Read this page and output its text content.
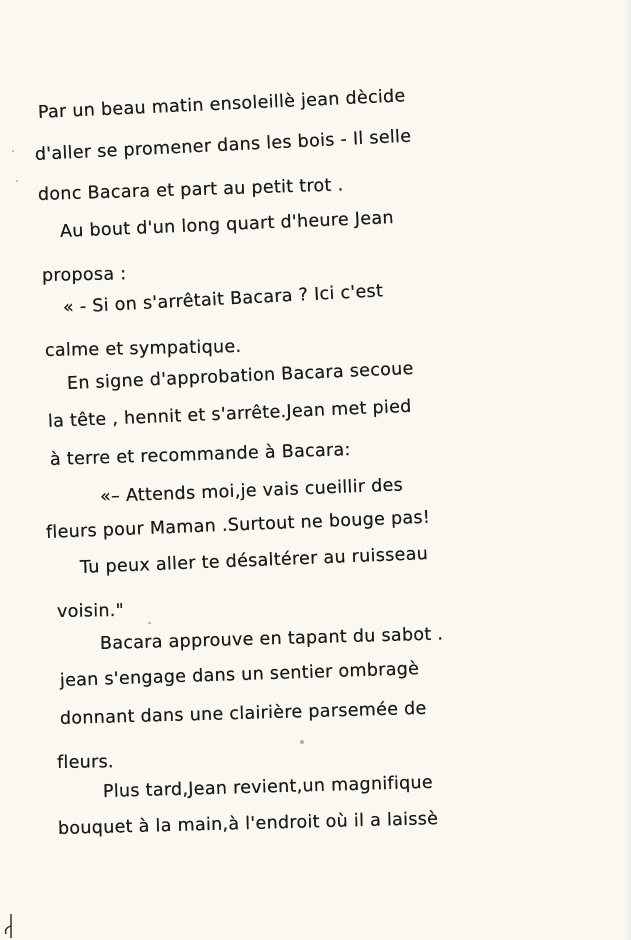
Par un beau matin ensoleillè jean dècide
d'aller se promener dans les bois - Il selle
donc Bacara et part au petit trot .
Au bout d'un long quart d'heure Jean
proposa :
« - Si on s'arrêtait Bacara ? Ici c'est
calme et sympatique.
En signe d'approbation Bacara secoue
la tête , hennit et s'arrête.Jean met pied
à terre et recommande à Bacara:
«– Attends moi,je vais cueillir des
fleurs pour Maman .Surtout ne bouge pas!
Tu peux aller te désaltérer au ruisseau
voisin."
Bacara approuve en tapant du sabot .
jean s'engage dans un sentier ombragè
donnant dans une clairière parsemée de
fleurs.
Plus tard,Jean revient,un magnifique
bouquet à la main,à l'endroit où il a laissè
